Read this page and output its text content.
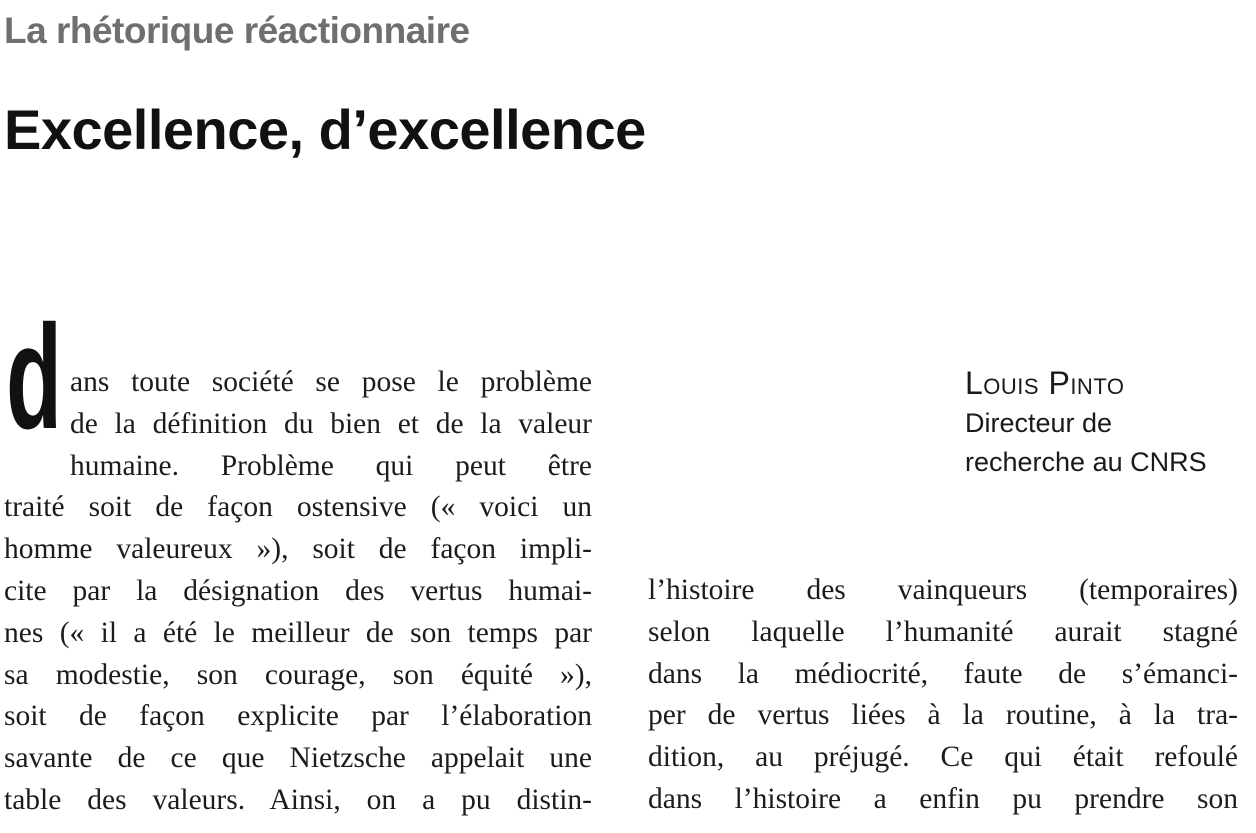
La rhétorique réactionnaire
Excellence, d’excellence
d ans toute société se pose le problème
de la définition du bien et de la valeur
humaine. Problème qui peut être
traité soit de façon ostensive (« voici un
homme valeureux »), soit de façon impli-
cite par la désignation des vertus humai-
nes (« il a été le meilleur de son temps par
sa modestie, son courage, son équité »),
soit de façon explicite par l’élaboration
savante de ce que Nietzsche appelait une
table des valeurs. Ainsi, on a pu distin-
Louis Pinto
Directeur de
recherche au CNRS
l’histoire des vainqueurs (temporaires)
selon laquelle l’humanité aurait stagné
dans la médiocrité, faute de s’émanci-
per de vertus liées à la routine, à la tra-
dition, au préjugé. Ce qui était refoulé
dans l’histoire a enfin pu prendre son
